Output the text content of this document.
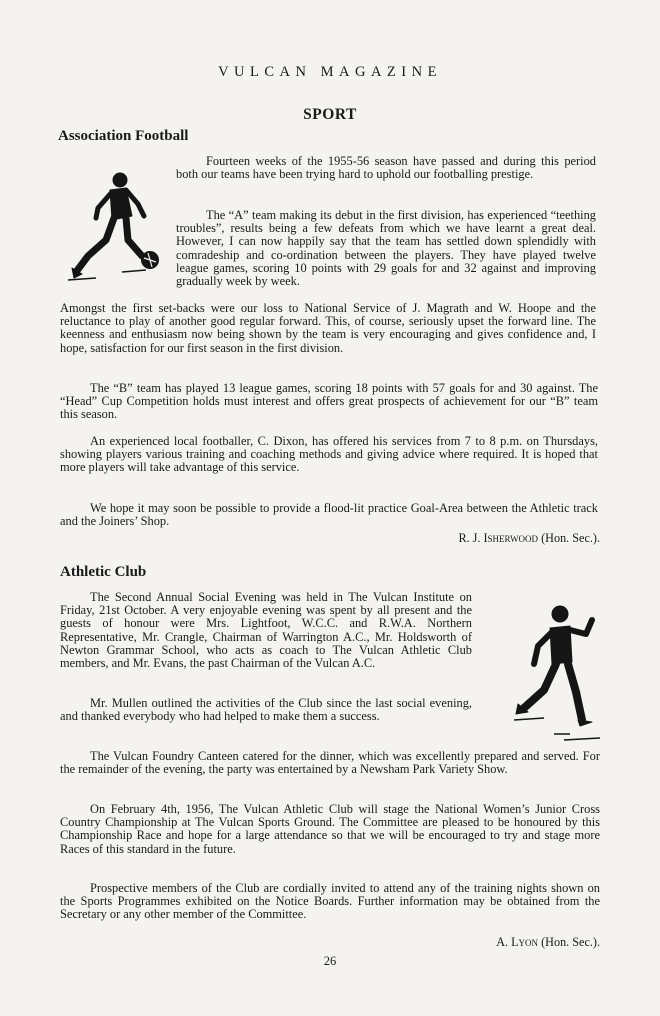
VULCAN MAGAZINE
SPORT
Association Football

Fourteen weeks of the 1955-56 season have passed and during this period both our teams have been trying hard to uphold our footballing prestige.

The “A” team making its debut in the first division, has experienced “teething troubles”, results being a few defeats from which we have learnt a great deal. However, I can now happily say that the team has settled down splendidly with comradeship and co-ordination between the players. They have played twelve league games, scoring 10 points with 29 goals for and 32 against and improving gradually week by week.

Amongst the first set-backs were our loss to National Service of J. Magrath and W. Hoope and the reluctance to play of another good regular forward. This, of course, seriously upset the forward line. The keenness and enthusiasm now being shown by the team is very encouraging and gives confidence and, I hope, satisfaction for our first season in the first division.

The “B” team has played 13 league games, scoring 18 points with 57 goals for and 30 against. The “Head” Cup Competition holds must interest and offers great prospects of achievement for our “B” team this season.

An experienced local footballer, C. Dixon, has offered his services from 7 to 8 p.m. on Thursdays, showing players various training and coaching methods and giving advice where required. It is hoped that more players will take advantage of this service.

We hope it may soon be possible to provide a flood-lit practice Goal-Area between the Athletic track and the Joiners’ Shop.

R. J. Isherwood (Hon. Sec.).
Athletic Club

The Second Annual Social Evening was held in The Vulcan Institute on Friday, 21st October. A very enjoyable evening was spent by all present and the guests of honour were Mrs. Lightfoot, W.C.C. and R.W.A. Northern Representative, Mr. Crangle, Chairman of Warrington A.C., Mr. Holdsworth of Newton Grammar School, who acts as coach to The Vulcan Athletic Club members, and Mr. Evans, the past Chairman of the Vulcan A.C.

Mr. Mullen outlined the activities of the Club since the last social evening, and thanked everybody who had helped to make them a success.

The Vulcan Foundry Canteen catered for the dinner, which was excellently prepared and served. For the remainder of the evening, the party was entertained by a Newsham Park Variety Show.

On February 4th, 1956, The Vulcan Athletic Club will stage the National Women’s Junior Cross Country Championship at The Vulcan Sports Ground. The Committee are pleased to be honoured by this Championship Race and hope for a large attendance so that we will be encouraged to try and stage more Races of this standard in the future.

Prospective members of the Club are cordially invited to attend any of the training nights shown on the Sports Programmes exhibited on the Notice Boards. Further information may be obtained from the Secretary or any other member of the Committee.

A. Lyon (Hon. Sec.).
26
